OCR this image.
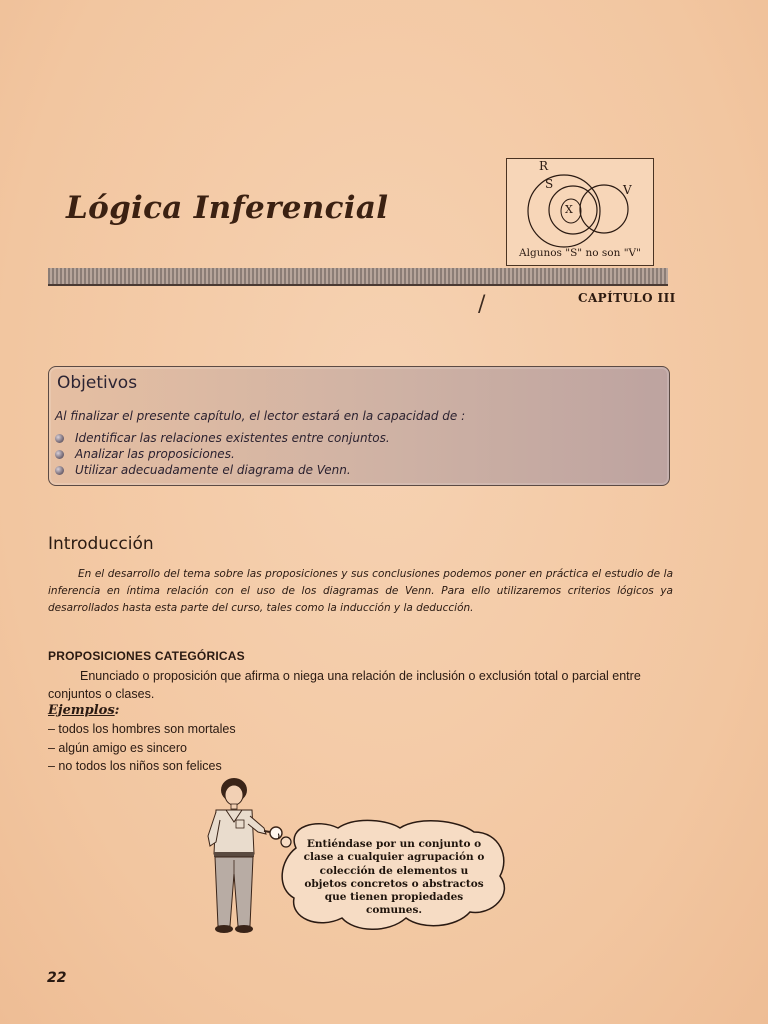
Lógica Inferencial
R
S	V
X
Algunos "S" no son "V"
/	CAPÍTULO III
Objetivos
Al finalizar el presente capítulo, el lector estará en la capacidad de :
Identificar las relaciones existentes entre conjuntos.
Analizar las proposiciones.
Utilizar adecuadamente el diagrama de Venn.
Introducción
En el desarrollo del tema sobre las proposiciones y sus conclusiones podemos poner en práctica el estudio de la inferencia en íntima relación con el uso de los diagramas de Venn. Para ello utilizaremos criterios lógicos ya desarrollados hasta esta parte del curso, tales como la inducción y la deducción.
PROPOSICIONES CATEGÓRICAS
Enunciado o proposición que afirma o niega una relación de inclusión o exclusión total o parcial entre conjuntos o clases.
Ejemplos:
– todos los hombres son mortales
– algún amigo es sincero
– no todos los niños son felices
Entiéndase por un conjunto o
clase a cualquier agrupación o
colección de elementos u
objetos concretos o abstractos
que tienen propiedades
comunes.
22
